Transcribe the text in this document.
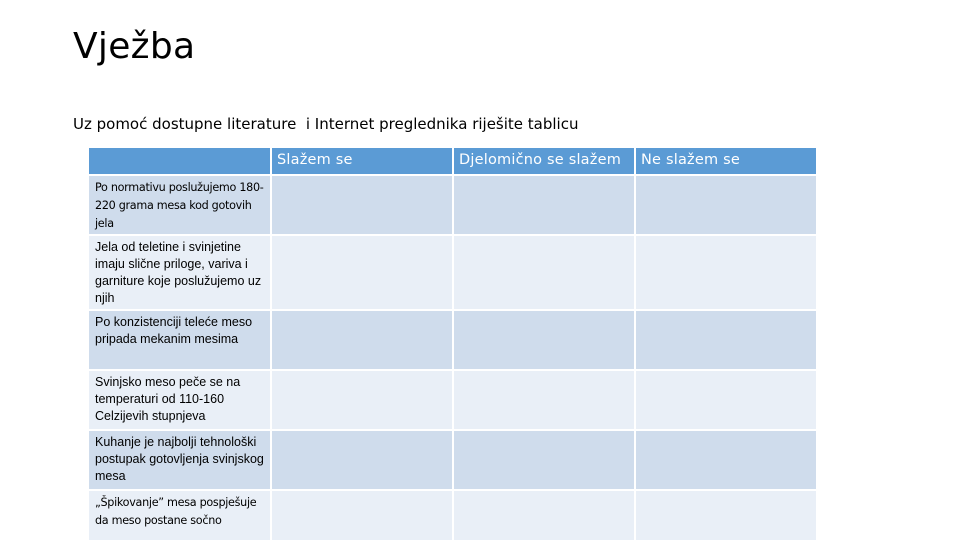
Vježba
Uz pomoć dostupne literature  i Internet preglednika riješite tablicu
	Slažem se	Djelomično se slažem	Ne slažem se
Po normativu poslužujemo 180-220 grama mesa kod gotovih jela			
Jela od teletine i svinjetine imaju slične priloge, variva i garniture koje poslužujemo uz njih			
Po konzistenciji teleće meso pripada mekanim mesima			
Svinjsko meso peče se na temperaturi od 110-160 Celzijevih stupnjeva			
Kuhanje je najbolji tehnološki postupak gotovljenja svinjskog mesa			
„Špikovanje” mesa pospješuje da meso postane sočno			
